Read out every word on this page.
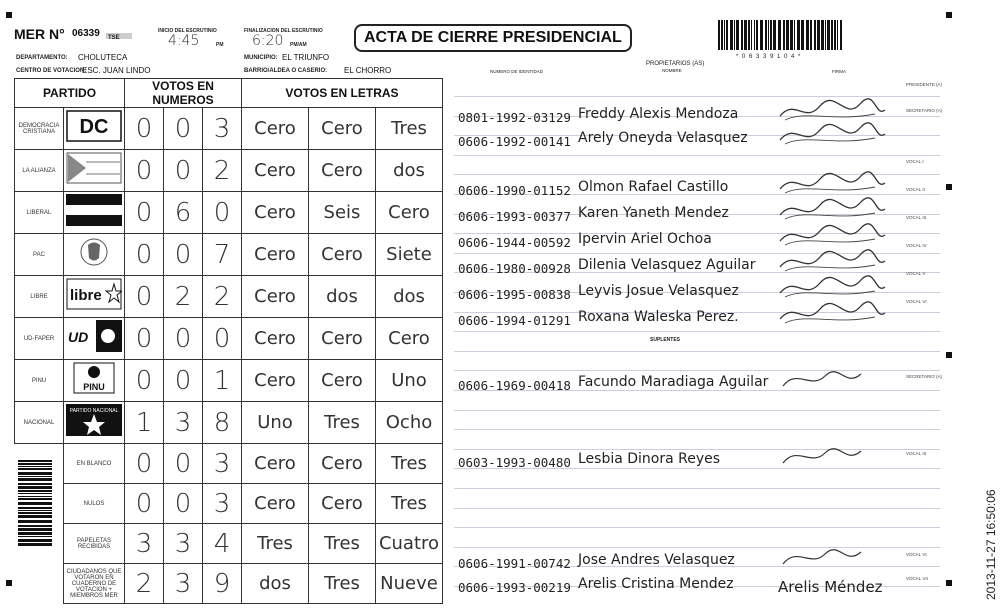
MER N° 06339 TSE
INICIO DEL ESCRUTINIO
4:45	PM
FINALIZACION DEL ESCRUTINIO
6:20 PM/AM	ACTA DE CIERRE PRESIDENCIAL
* 0 6 3 3 9 1 0 4 *
DEPARTAMENTO: CHOLUTECA	MUNICIPIO: EL TRIUNFO
CENTRO DE VOTACION:
ESC. JUAN LINDO	BARRIO/ALDEA O CASERIO: EL CHORRO	NUMERO DE IDENTIDAD
PROPIETARIOS (AS)
NOMBRE	FIRMA
PARTIDO		VOTOS EN NUMEROS			VOTOS EN LETRAS		
DEMOCRACIA CRISTIANA	DC	0	0	3	Cero	Cero	Tres
LA ALIANZA		0	0	2	Cero	Cero	dos
LIBERAL		0	6	0	Cero	Seis	Cero
PAC		0	0	7	Cero	Cero	Siete
LIBRE	libre	0	2	2	Cero	dos	dos
UD-FAPER	UD	0	0	0	Cero	Cero	Cero
PINU	PINU	0	0	1	Cero	Cero	Uno
NACIONAL	PARTIDO NACIONAL	1	3	8	Uno	Tres	Ocho
	EN BLANCO	0	0	3	Cero	Cero	Tres
	NULOS	0	0	3	Cero	Cero	Tres
	PAPELETAS RECIBIDAS	3	3	4	Tres	Tres	Cuatro
	CIUDADANOS QUE VOTARON EN CUADERNO DE VOTACION + MIEMBROS MER	2	3	9	dos	Tres	Nueve
0801-1992-03129 Freddy Alexis Mendoza
PRESIDENTE (A)
0606-1992-00141 Arely Oneyda Velasquez
SECRETARIO (A)
0606-1990-01152 Olmon Rafael Castillo
VOCAL I
0606-1993-00377 Karen Yaneth Mendez
VOCAL II
0606-1944-00592 Ipervin Ariel Ochoa
VOCAL III
0606-1980-00928 Dilenia Velasquez Aguilar
VOCAL IV
0606-1995-00838 Leyvis Josue Velasquez
VOCAL V
0606-1994-01291 Roxana Waleska Perez.
VOCAL VI
0606-1969-00418 Facundo Maradiaga Aguilar	SECRETARIO (A)
0603-1993-00480 Lesbia Dinora Reyes	VOCAL III
0606-1991-00742 Jose Andres Velasquez	VOCAL VI
0606-1993-00219 Arelis Cristina Mendez	VOCAL VII
SUPLENTES
Arelis Méndez	2013-11-27 16:50:06
